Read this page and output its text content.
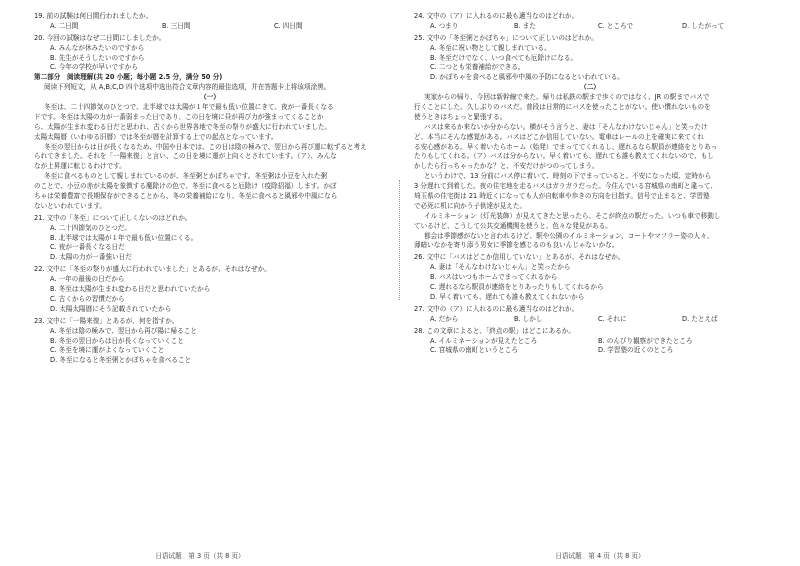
19. 前の試験は何日間行われましたか。
A. 二日間	B. 三日間	C. 四日間
20. 今回の試験はなぜ二日間にしましたか。
A. みんなが休みたいのですから
B. 先生がそうしたいのですから
C. 今年の学校が早いですから
第二部分　阅读理解(共 20 小题；每小题 2.5 分，满分 50 分)
阅读下列短文，从 A,B,C,D 四个选项中选出符合文章内容的最佳选项，并在答题卡上将该项涂黑。
（一）
冬至は、二十四節気のひとつで、北半球では太陽が１年で最も低い位置にきて、夜が一番長くなる
ドです。冬至は太陽の力が一番弱まった日であり、この日を境に昼が再び力が強まってくることか
ら、太陽が生まれ変わる日だと思われ、古くから世界各地で冬至の祭りが盛大に行われていました。
太陽太陽暦（いわゆる旧暦）では冬至が暦を計算する上での起点となっています。
冬至の翌日からは日が長くなるため、中国や日本では、この日は陰の極みで、翌日から再び運に転ずると考え
られてきました。それを「一陽来復」と言い、この日を境に運が上向くとされています。（ア）、みんな
なが上昇運に転じるわけです。
冬至に食べるものとして親しまれているのが、冬至粥とかぼちゃです。冬至粥は小豆を入れた粥
のことで、小豆の赤が太陽を象徴する魔除けの色で、冬至に食べると厄除け（疫除招福）します。かぼ
ちゃは栄養豊富で長期保存ができることから、冬の栄養補給になり、冬至に食べると風邪や中風になら
ないといわれています。
21. 文中の「冬至」について正しくないのはどれか。
A. 二十四節気のひとつだ。
B. 北半球では太陽が１年で最も低い位置にくる。
C. 夜が一番長くなる日だ
D. 太陽の力が一番強い日だ
22. 文中に「冬至の祭りが盛大に行われていました」とあるが、それはなぜか。
A. 一年の最後の日だから
B. 冬至は太陽が生まれ変わる日だと思われていたから
C. 古くからの習慣だから
D. 太陽太陽暦にそう記載されていたから
23. 文中に「一陽来復」とあるが、何を指すか。
A. 冬至は陰の極みで、翌日から再び陽に帰ること
B. 冬至の翌日からは日が長くなっていくこと
C. 冬至を境に運がよくなっていくこと
D. 冬至になると冬至粥とかぼちゃを食べること
日语试题　第 3 页（共 8 页）
24. 文中の（ア）に入れるのに最も適当なのはどれか。
A. つまり	B. また	C. ところで	D. したがって
25. 文中の「冬至粥とかぼちゃ」について正しいのはどれか。
A. 冬至に祝い物として親しまれている。
B. 冬至だけでなく、いつ食べても厄除けになる。
C. 二つとも栄養補給ができる。
D. かぼちゃを食べると風邪や中風の予防になるといわれている。
（二）
実家からの帰り、今回は新幹線で来た。帰りは私鉄の駅まで歩くのではなく、JR の駅までバスで
行くことにした。久しぶりのバスだ。普段は日常的にバスを使ったことがない。使い慣れないものを
使うときはちょっと緊張する。
バスは来るか来ないか分からない。横がそう言うと、妻は「そんなわけないじゃん」と笑ったけ
ど、本当にそんな感覚がある。バスはどこか信用していない。電車はレールの上を確実に来てくれ
る安心感がある。早く着いたらホーム（始発）でまっててくれるし、遅れるなら駅員が連絡をとりあっ
たりもしてくれる。（ア）バスは分からない。早く着いても、遅れても誰も教えてくれないので、もし
かしたら行っちゃったかな？と、不安だけがつのってしまう。
というわけで、13 分前にバス停に着いて、時刻の下でまっていると、不安になった頃、定時から
3 分遅れて到着した。夜の住宅地を走るバスはガラガラだった。今住んでいる宮城県の南町と違って、
埼玉県の住宅街は 21 時近くになっても人が自転車や歩きの方向を目指す。信号で止まると、学習塾
で必死に机に向かう子供達が見えた。
イルミネーション（灯光装飾）が見えてきたと思ったら、そこが終点の駅だった。いつも車で移動し
ているけど、こうして公共交通機関を使うと、色々な発見がある。
都会は季節感がないと言われるけど、駅や公園のイルミネーション、コートやマフラー姿の人々、
薄暗いなかを寄り添う男女に季節を感じるのも良いんじゃないかな。
26. 文中に「バスはどこか信用していない」とあるが、それはなぜか。
A. 妻は「そんなわけないじゃん」と笑ったから
B. バスはいつもホームでまってくれるから
C. 遅れるなら駅員が連絡をとりあったりもしてくれるから
D. 早く着いても、遅れても誰も教えてくれないから
27. 文中の（ア）に入れるのに最も適当なのはどれか。
A. だから	B. しかし	C. それに	D. たとえば
28. この文章によると、「終点の駅」はどこにあるか。
A. イルミネーションが見えたところ	B. のんびり観察ができたところ
C. 宮城県の南町というところ	D. 学習塾の近くのところ
日语试题　第 4 页（共 8 页）
